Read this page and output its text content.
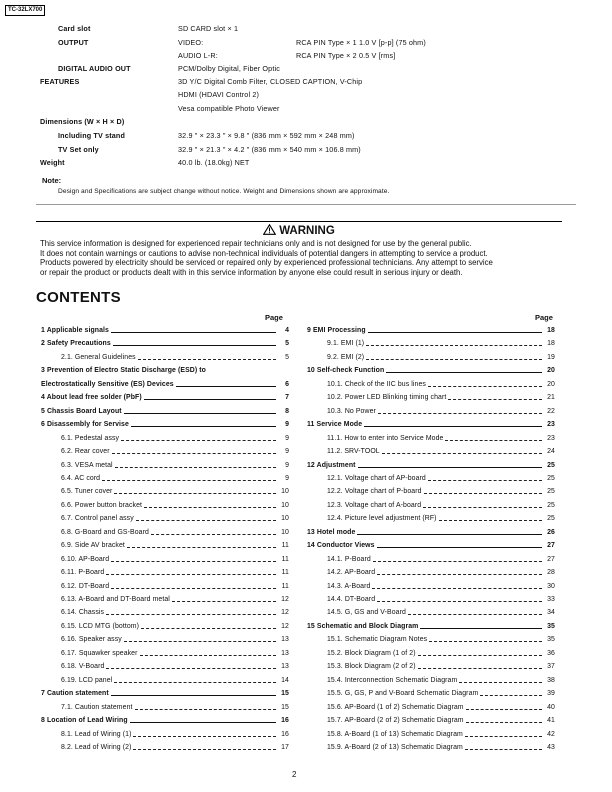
TC-32LX700
Card slot	SD CARD slot × 1
OUTPUT	VIDEO:	RCA PIN Type × 1 1.0 V [p-p] (75 ohm)
AUDIO L-R:	RCA PIN Type × 2 0.5 V [rms]
DIGITAL AUDIO OUT	PCM/Dolby Digital, Fiber Optic
FEATURES	3D Y/C Digital Comb Filter, CLOSED CAPTION, V-Chip
HDMI (HDAVI Control 2)
Vesa compatible Photo Viewer
Dimensions (W × H × D)
Including TV stand	32.9 " × 23.3 " × 9.8 " (836 mm × 592 mm × 248 mm)
TV Set only	32.9 " × 21.3 " × 4.2 " (836 mm × 540 mm × 106.8 mm)
Weight	40.0 lb. (18.0kg) NET
Note:
Design and Specifications are subject change without notice. Weight and Dimensions shown are approximate.
WARNING
This service information is designed for experienced repair technicians only and is not designed for use by the general public.
It does not contain warnings or cautions to advise non-technical individuals of potential dangers in attempting to service a product.
Products powered by electricity should be serviced or repaired only by experienced professional technicians. Any attempt to service
or repair the product or products dealt with in this service information by anyone else could result in serious injury or death.
CONTENTS
Page	Page
1 Applicable signals	4
2 Safety Precautions	5
2.1. General Guidelines	5
3 Prevention of Electro Static Discharge (ESD) to
Electrostatically Sensitive (ES) Devices	6
4 About lead free solder (PbF)	7
5 Chassis Board Layout	8
6 Disassembly for Servise	9
6.1. Pedestal assy	9
6.2. Rear cover	9
6.3. VESA metal	9
6.4. AC cord	9
6.5. Tuner cover	10
6.6. Power button bracket	10
6.7. Control panel assy	10
6.8. G-Board and GS-Board	10
6.9. Side AV bracket	11
6.10. AP-Board	11
6.11. P-Board	11
6.12. DT-Board	11
6.13. A-Board and DT-Board metal	12
6.14. Chassis	12
6.15. LCD MTG (bottom)	12
6.16. Speaker assy	13
6.17. Squawker speaker	13
6.18. V-Board	13
6.19. LCD panel	14
7 Caution statement	15
7.1. Caution statement	15
8 Location of Lead Wiring	16
8.1. Lead of Wiring (1)	16
8.2. Lead of Wiring (2)	17
9 EMI Processing	18
9.1. EMI (1)	18
9.2. EMI (2)	19
10 Self-check Function	20
10.1. Check of the IIC bus lines	20
10.2. Power LED Blinking timing chart	21
10.3. No Power	22
11 Service Mode	23
11.1. How to enter into Service Mode	23
11.2. SRV-TOOL	24
12 Adjustment	25
12.1. Voltage chart of AP-board	25
12.2. Voltage chart of P-board	25
12.3. Voltage chart of A-board	25
12.4. Picture level adjustment (RF)	25
13 Hotel mode	26
14 Conductor Views	27
14.1. P-Board	27
14.2. AP-Board	28
14.3. A-Board	30
14.4. DT-Board	33
14.5. G, GS and V-Board	34
15 Schematic and Block Diagram	35
15.1. Schematic Diagram Notes	35
15.2. Block Diagram (1 of 2)	36
15.3. Block Diagram (2 of 2)	37
15.4. Interconnection Schematic Diagram	38
15.5. G, GS, P and V-Board Schematic Diagram	39
15.6. AP-Board (1 of 2) Schematic Diagram	40
15.7. AP-Board (2 of 2) Schematic Diagram	41
15.8. A-Board (1 of 13) Schematic Diagram	42
15.9. A-Board (2 of 13) Schematic Diagram	43
2
